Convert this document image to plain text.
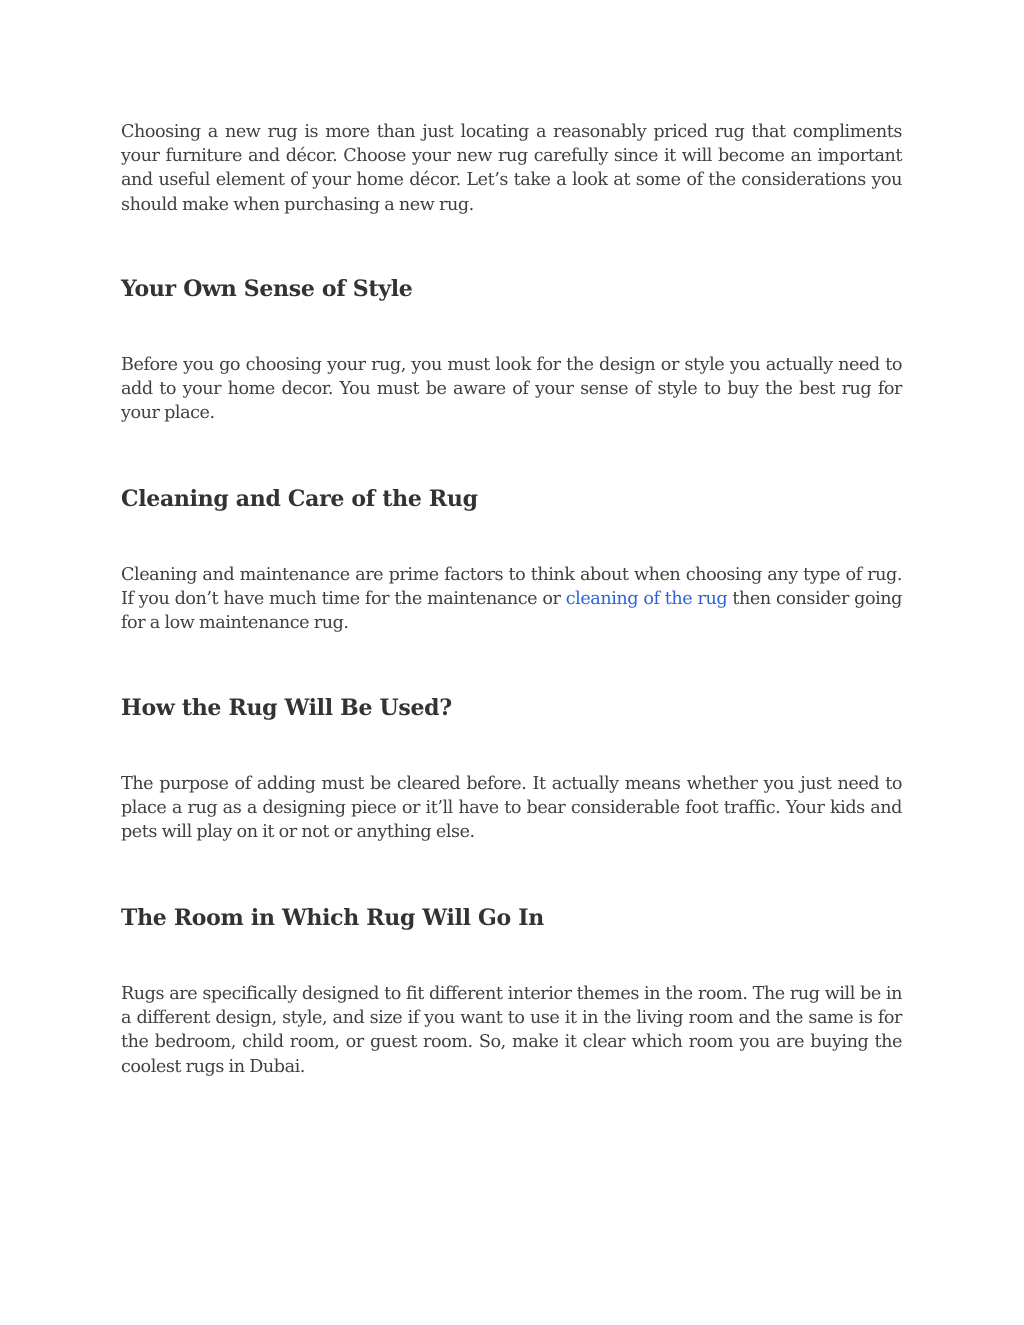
Choosing a new rug is more than just locating a reasonably priced rug that compliments your furniture and décor. Choose your new rug carefully since it will become an important and useful element of your home décor. Let’s take a look at some of the considerations you should make when purchasing a new rug.

Your Own Sense of Style

Before you go choosing your rug, you must look for the design or style you actually need to add to your home decor. You must be aware of your sense of style to buy the best rug for your place.

Cleaning and Care of the Rug

Cleaning and maintenance are prime factors to think about when choosing any type of rug. If you don’t have much time for the maintenance or cleaning of the rug then consider going for a low maintenance rug.

How the Rug Will Be Used?

The purpose of adding must be cleared before. It actually means whether you just need to place a rug as a designing piece or it’ll have to bear considerable foot traffic. Your kids and pets will play on it or not or anything else.

The Room in Which Rug Will Go In

Rugs are specifically designed to fit different interior themes in the room. The rug will be in a different design, style, and size if you want to use it in the living room and the same is for the bedroom, child room, or guest room. So, make it clear which room you are buying the coolest rugs in Dubai.
